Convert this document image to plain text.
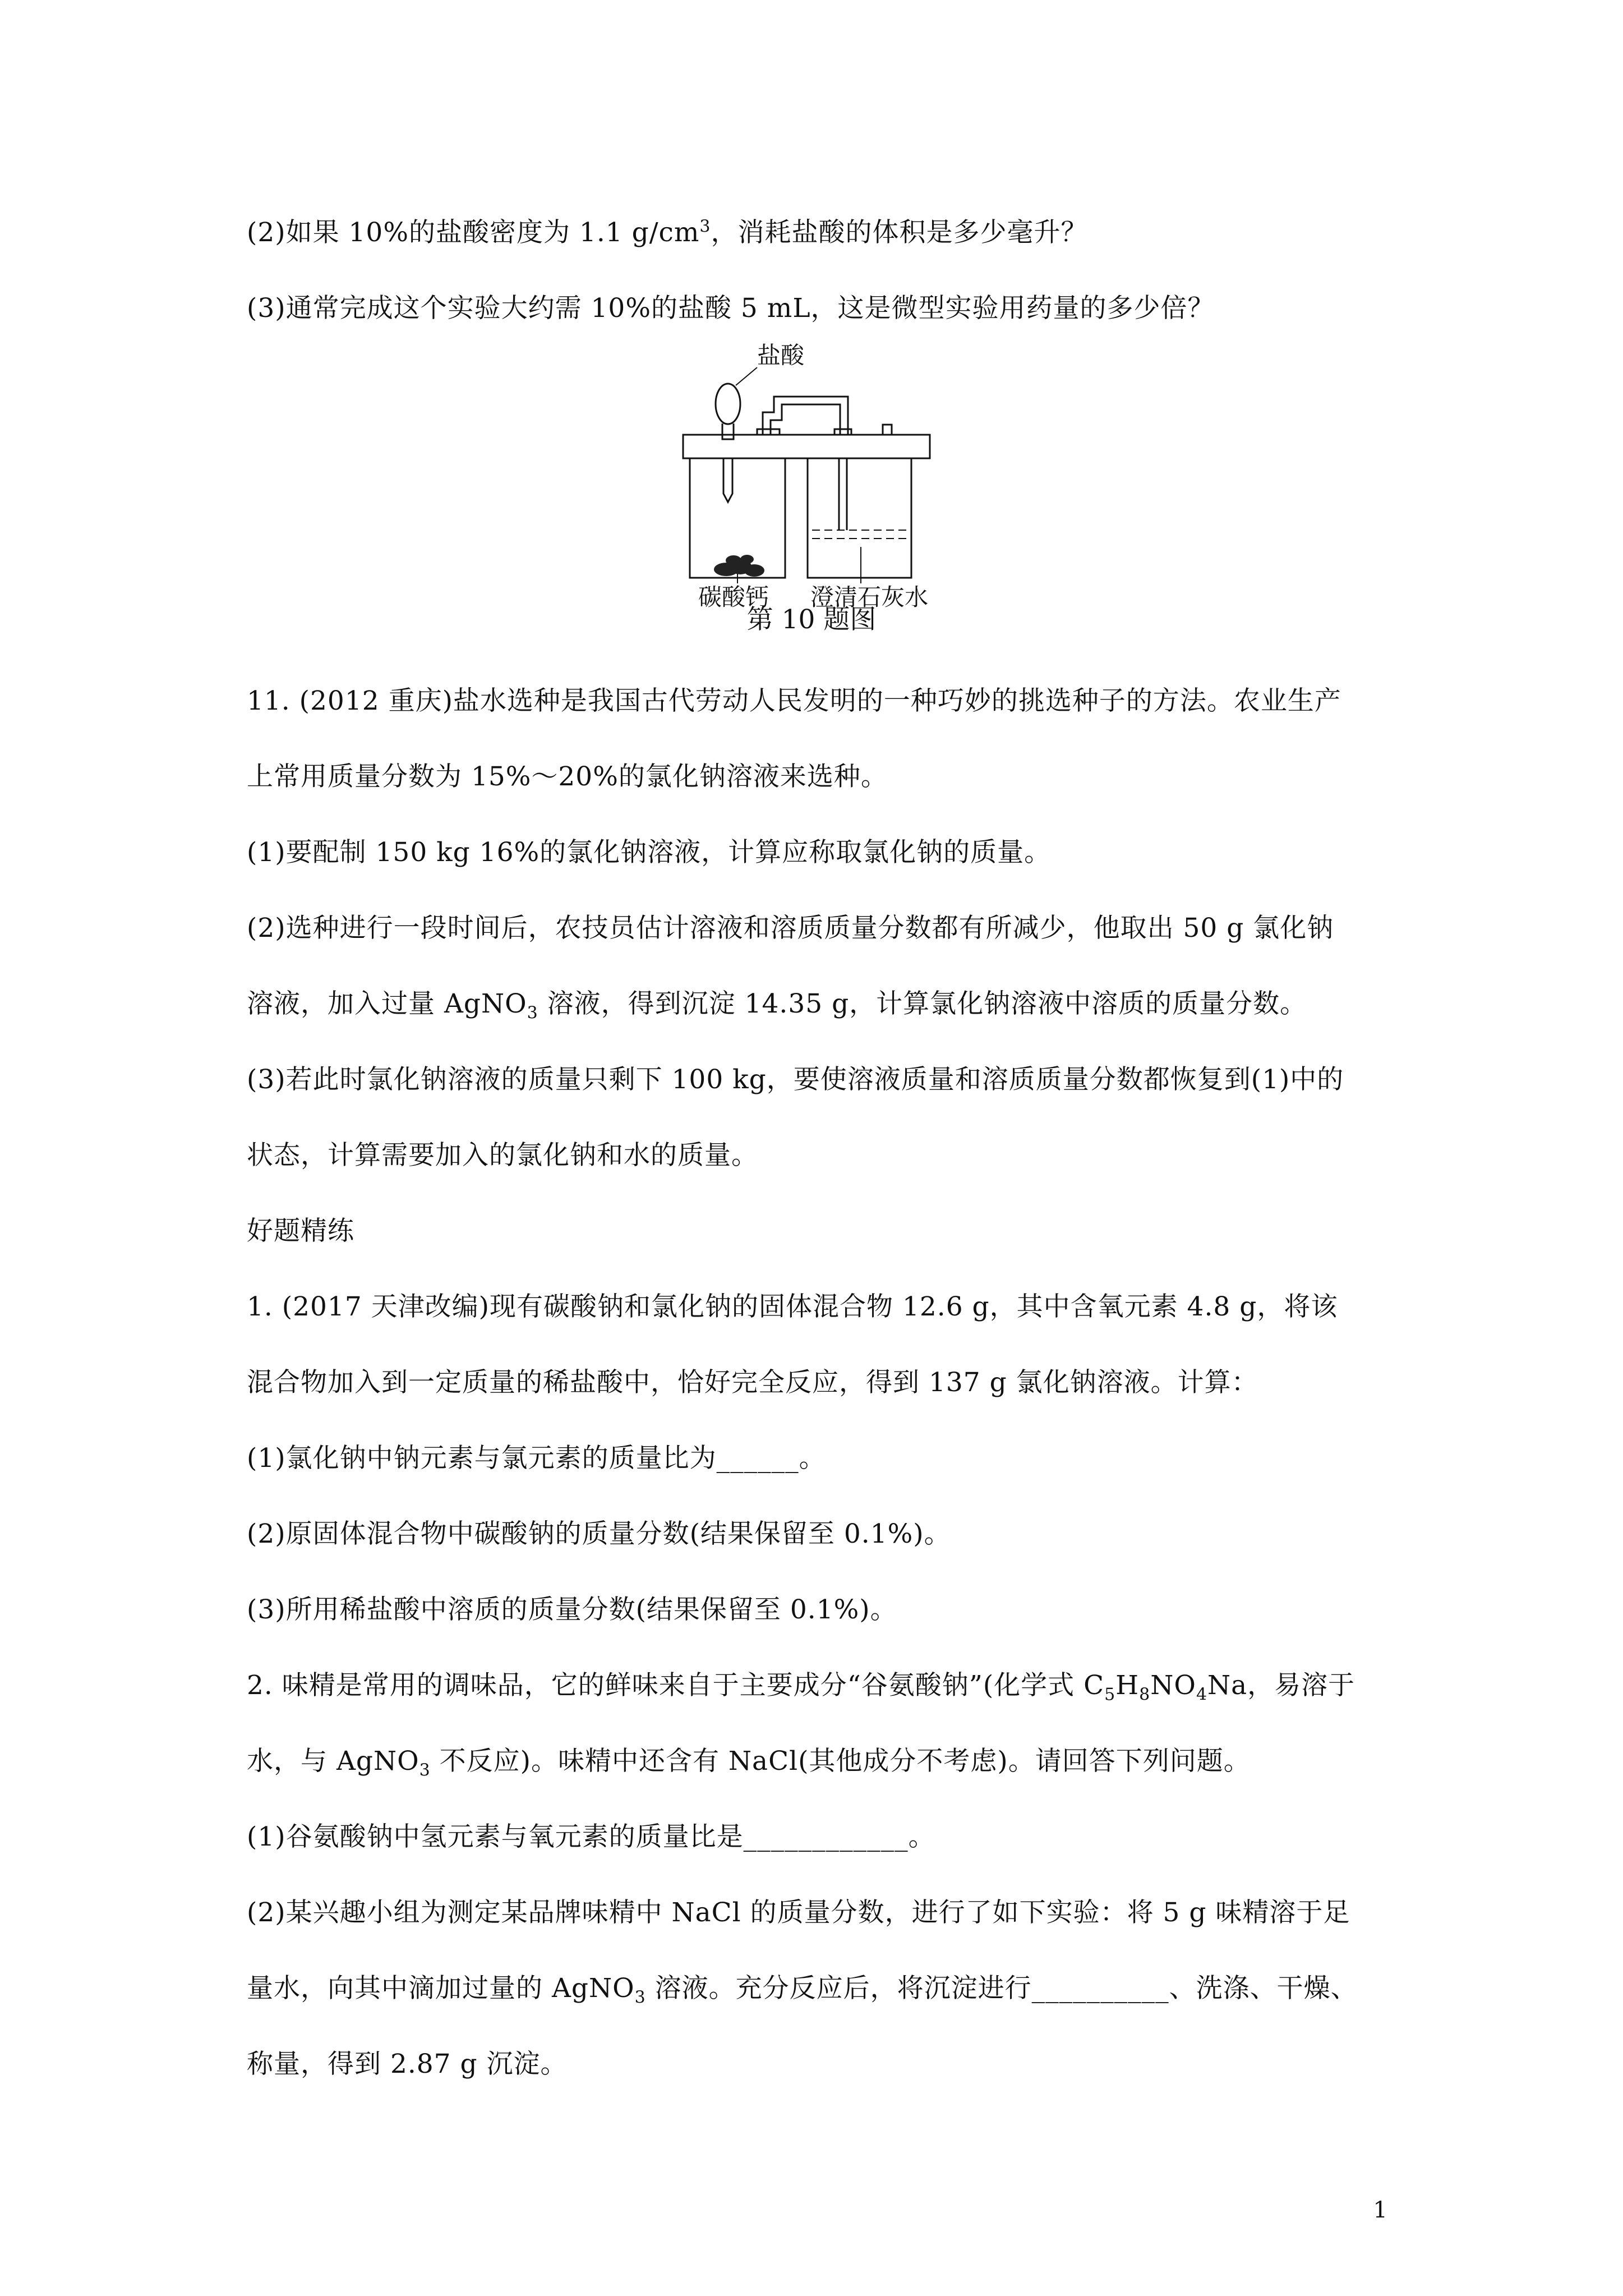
(2)如果 10%的盐酸密度为 1.1 $g/cm^3$，消耗盐酸的体积是多少毫升？
(3)通常完成这个实验大约需 10%的盐酸 5 mL，这是微型实验用药量的多少倍？
盐酸
碳酸钙 澄清石灰水
第 10 题图
11. (2012 重庆)盐水选种是我国古代劳动人民发明的一种巧妙的挑选种子的方法。农业生产
上常用质量分数为 15%～20%的氯化钠溶液来选种。
(1)要配制 150 kg 16%的氯化钠溶液，计算应称取氯化钠的质量。
(2)选种进行一段时间后，农技员估计溶液和溶质质量分数都有所减少，他取出 50 g 氯化钠
溶液，加入过量 AgNO$_3$ 溶液，得到沉淀 14.35 g，计算氯化钠溶液中溶质的质量分数。
(3)若此时氯化钠溶液的质量只剩下 100 kg，要使溶液质量和溶质质量分数都恢复到(1)中的
状态，计算需要加入的氯化钠和水的质量。
好题精练
1. (2017 天津改编)现有碳酸钠和氯化钠的固体混合物 12.6 g，其中含氧元素 4.8 g，将该
混合物加入到一定质量的稀盐酸中，恰好完全反应，得到 137 g 氯化钠溶液。计算：
(1)氯化钠中钠元素与氯元素的质量比为______。
(2)原固体混合物中碳酸钠的质量分数(结果保留至 0.1%)。
(3)所用稀盐酸中溶质的质量分数(结果保留至 0.1%)。
2. 味精是常用的调味品，它的鲜味来自于主要成分“谷氨酸钠”(化学式 $C_5H_8NO_4Na$，易溶于
水，与 AgNO$_3$ 不反应)。味精中还含有 NaCl(其他成分不考虑)。请回答下列问题。
(1)谷氨酸钠中氢元素与氧元素的质量比是____________。
(2)某兴趣小组为测定某品牌味精中 NaCl 的质量分数，进行了如下实验：将 5 g 味精溶于足
量水，向其中滴加过量的 AgNO$_3$ 溶液。充分反应后，将沉淀进行__________、洗涤、干燥、
称量，得到 2.87 g 沉淀。
1
